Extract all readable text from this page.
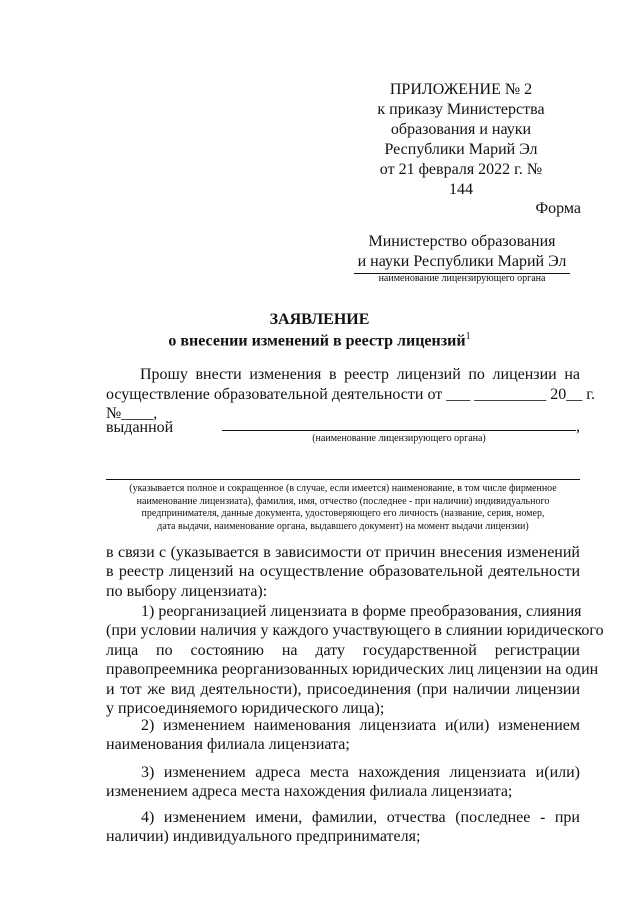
ПРИЛОЖЕНИЕ № 2
к приказу Министерства
образования и науки
Республики Марий Эл
от 21 февраля 2022 г. № 144
Форма
Министерство образования
и науки Республики Марий Эл
наименование лицензирующего органа
ЗАЯВЛЕНИЕ
о внесении изменений в реестр лицензий$^1$
Прошу внести изменения в реестр лицензий по лицензии на
осуществление образовательной деятельности от ___ _________ 20__ г.
№____,
выданной	,
(наименование лицензирующего органа)
(указывается полное и сокращенное (в случае, если имеется) наименование, в том числе фирменное
наименование лицензиата), фамилия, имя, отчество (последнее - при наличии) индивидуального
предпринимателя, данные документа, удостоверяющего его личность (название, серия, номер,
дата выдачи, наименование органа, выдавшего документ) на момент выдачи лицензии)
в связи с (указывается в зависимости от причин внесения изменений
в реестр лицензий на осуществление образовательной деятельности
по выбору лицензиата):
1) реорганизацией лицензиата в форме преобразования, слияния
(при условии наличия у каждого участвующего в слиянии юридического
лица по состоянию на дату государственной регистрации
правопреемника реорганизованных юридических лиц лицензии на один
и тот же вид деятельности), присоединения (при наличии лицензии
у присоединяемого юридического лица);
2) изменением наименования лицензиата и(или) изменением
наименования филиала лицензиата;
3) изменением адреса места нахождения лицензиата и(или)
изменением адреса места нахождения филиала лицензиата;
4) изменением имени, фамилии, отчества (последнее - при
наличии) индивидуального предпринимателя;
